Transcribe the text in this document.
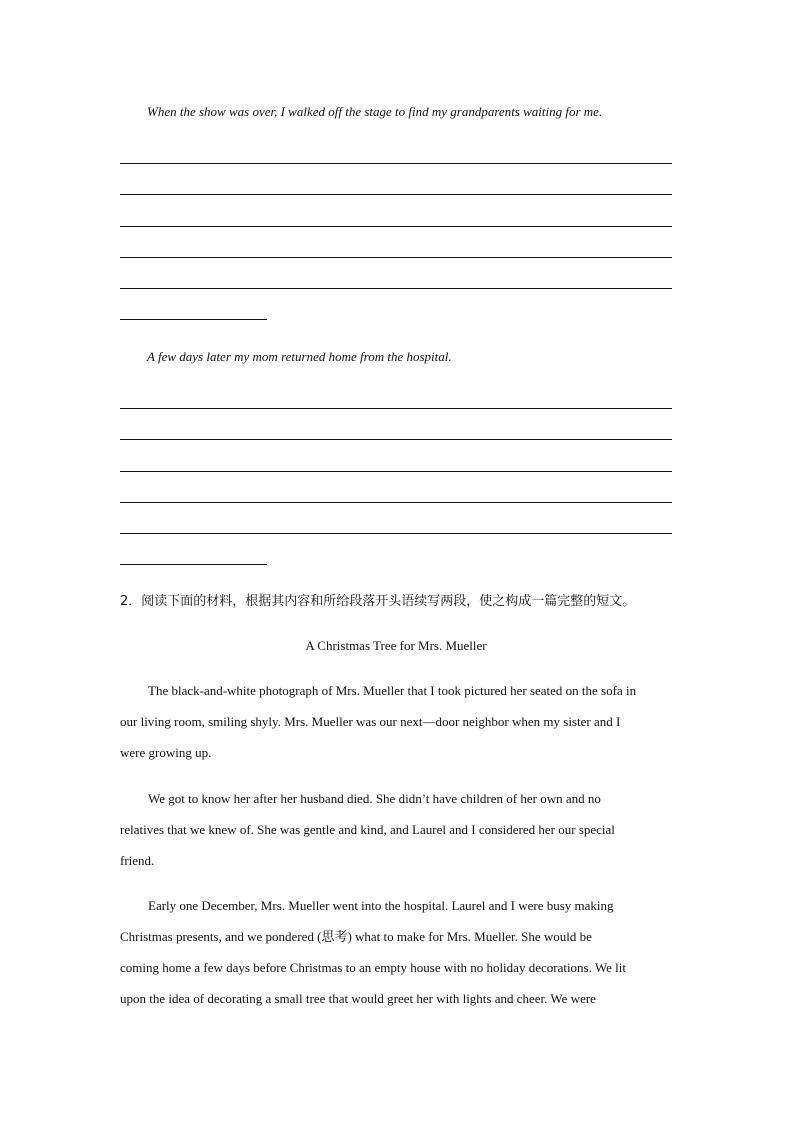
When the show was over, I walked off the stage to find my grandparents waiting for me.
A few days later my mom returned home from the hospital.
2．阅读下面的材料，根据其内容和所给段落开头语续写两段，使之构成一篇完整的短文。
A Christmas Tree for Mrs. Mueller
The black-and-white photograph of Mrs. Mueller that I took pictured her seated on the sofa in
our living room, smiling shyly. Mrs. Mueller was our next—door neighbor when my sister and I
were growing up.
We got to know her after her husband died. She didn’t have children of her own and no
relatives that we knew of. She was gentle and kind, and Laurel and I considered her our special
friend.
Early one December, Mrs. Mueller went into the hospital. Laurel and I were busy making
Christmas presents, and we pondered (思考) what to make for Mrs. Mueller. She would be
coming home a few days before Christmas to an empty house with no holiday decorations. We lit
upon the idea of decorating a small tree that would greet her with lights and cheer. We were
